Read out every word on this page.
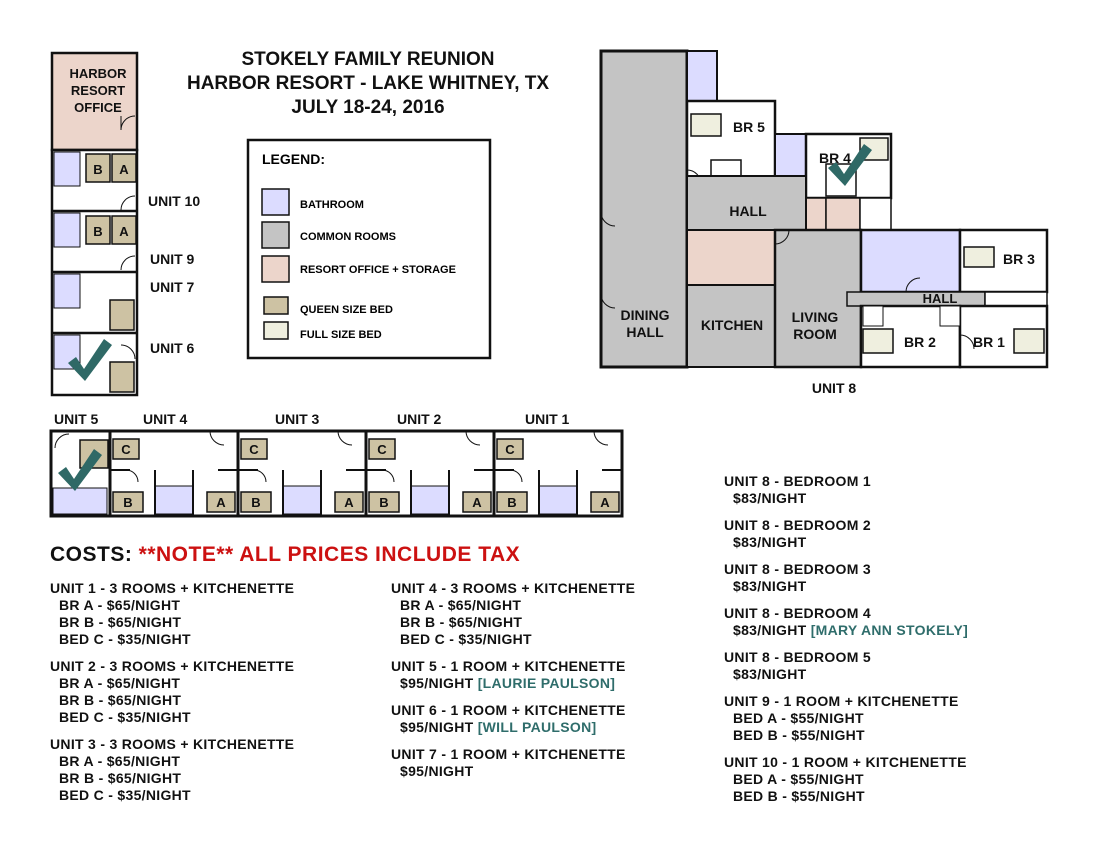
STOKELY FAMILY REUNION
HARBOR RESORT - LAKE WHITNEY, TX
JULY 18-24, 2016
LEGEND:
BATHROOM
COMMON ROOMS
RESORT OFFICE + STORAGE
QUEEN SIZE BED
FULL SIZE BED
HARBOR
RESORT
OFFICE
B A
B A
UNIT 10
UNIT 9
UNIT 7
UNIT 6
UNIT 5	UNIT 4	UNIT 3	UNIT 2	UNIT 1
C
B	A
C
B	A
C
B	A
C
B	A
BR 5
BR 4
HALL
BR 3
HALL
BR 2	BR 1
DINING
HALL	KITCHEN LIVING
ROOM
UNIT 8
COSTS: **NOTE** ALL PRICES INCLUDE TAX
UNIT 1 - 3 ROOMS + KITCHENETTE
BR A - $65/NIGHT
BR B - $65/NIGHT
BED C - $35/NIGHT
UNIT 2 - 3 ROOMS + KITCHENETTE
BR A - $65/NIGHT
BR B - $65/NIGHT
BED C - $35/NIGHT
UNIT 3 - 3 ROOMS + KITCHENETTE
BR A - $65/NIGHT
BR B - $65/NIGHT
BED C - $35/NIGHT
UNIT 4 - 3 ROOMS + KITCHENETTE
BR A - $65/NIGHT
BR B - $65/NIGHT
BED C - $35/NIGHT
UNIT 5 - 1 ROOM + KITCHENETTE
$95/NIGHT [LAURIE PAULSON]
UNIT 6 - 1 ROOM + KITCHENETTE
$95/NIGHT [WILL PAULSON]
UNIT 7 - 1 ROOM + KITCHENETTE
$95/NIGHT
UNIT 8 - BEDROOM 1
$83/NIGHT
UNIT 8 - BEDROOM 2
$83/NIGHT
UNIT 8 - BEDROOM 3
$83/NIGHT
UNIT 8 - BEDROOM 4
$83/NIGHT [MARY ANN STOKELY]
UNIT 8 - BEDROOM 5
$83/NIGHT
UNIT 9 - 1 ROOM + KITCHENETTE
BED A - $55/NIGHT
BED B - $55/NIGHT
UNIT 10 - 1 ROOM + KITCHENETTE
BED A - $55/NIGHT
BED B - $55/NIGHT
